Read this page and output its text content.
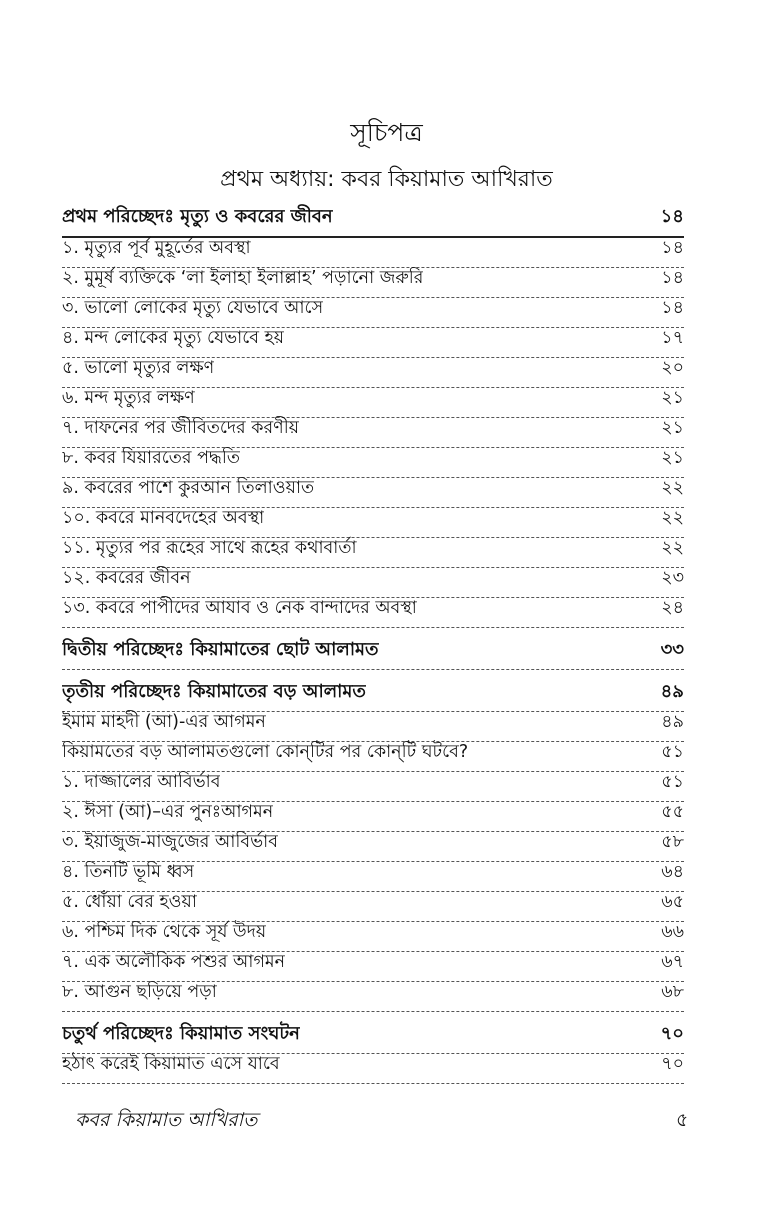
সূচিপত্র
প্রথম অধ্যায়: কবর কিয়ামাত আখিরাত
প্রথম পরিচ্ছেদঃ মৃত্যু ও কবরের জীবন	১৪
১. মৃত্যুর পূর্ব মুহূর্তের অবস্থা	১৪
২. মুমূর্ষ ব্যক্তিকে ‘লা ইলাহা ইলাল্লাহ’ পড়ানো জরুরি	১৪
৩. ভালো লোকের মৃত্যু যেভাবে আসে	১৪
৪. মন্দ লোকের মৃত্যু যেভাবে হয়	১৭
৫. ভালো মৃত্যুর লক্ষণ	২০
৬. মন্দ মৃত্যুর লক্ষণ	২১
৭. দাফনের পর জীবিতদের করণীয়	২১
৮. কবর যিয়ারতের পদ্ধতি	২১
৯. কবরের পাশে কুরআন তিলাওয়াত	২২
১০. কবরে মানবদেহের অবস্থা	২২
১১. মৃত্যুর পর রূহের সাথে রূহের কথাবার্তা	২২
১২. কবরের জীবন	২৩
১৩. কবরে পাপীদের আযাব ও নেক বান্দাদের অবস্থা	২৪
দ্বিতীয় পরিচ্ছেদঃ কিয়ামাতের ছোট আলামত	৩৩
তৃতীয় পরিচ্ছেদঃ কিয়ামাতের বড় আলামত	৪৯
ইমাম মাহদী (আ)-এর আগমন	৪৯
কিয়ামতের বড় আলামতগুলো কোন্‌টির পর কোন্‌টি ঘটবে?	৫১
১. দাজ্জালের আবির্ভাব	৫১
২. ঈসা (আ)–এর পুনঃআগমন	৫৫
৩. ইয়াজুজ-মাজুজের আবির্ভাব	৫৮
৪. তিনটি ভূমি ধ্বস	৬৪
৫. ধোঁয়া বের হওয়া	৬৫
৬. পশ্চিম দিক থেকে সূর্য উদয়	৬৬
৭. এক অলৌকিক পশুর আগমন	৬৭
৮. আগুন ছড়িয়ে পড়া	৬৮
চতুর্থ পরিচ্ছেদঃ কিয়ামাত সংঘটন	৭০
হঠাৎ করেই কিয়ামাত এসে যাবে	৭০
কবর কিয়ামাত আখিরাত	৫
